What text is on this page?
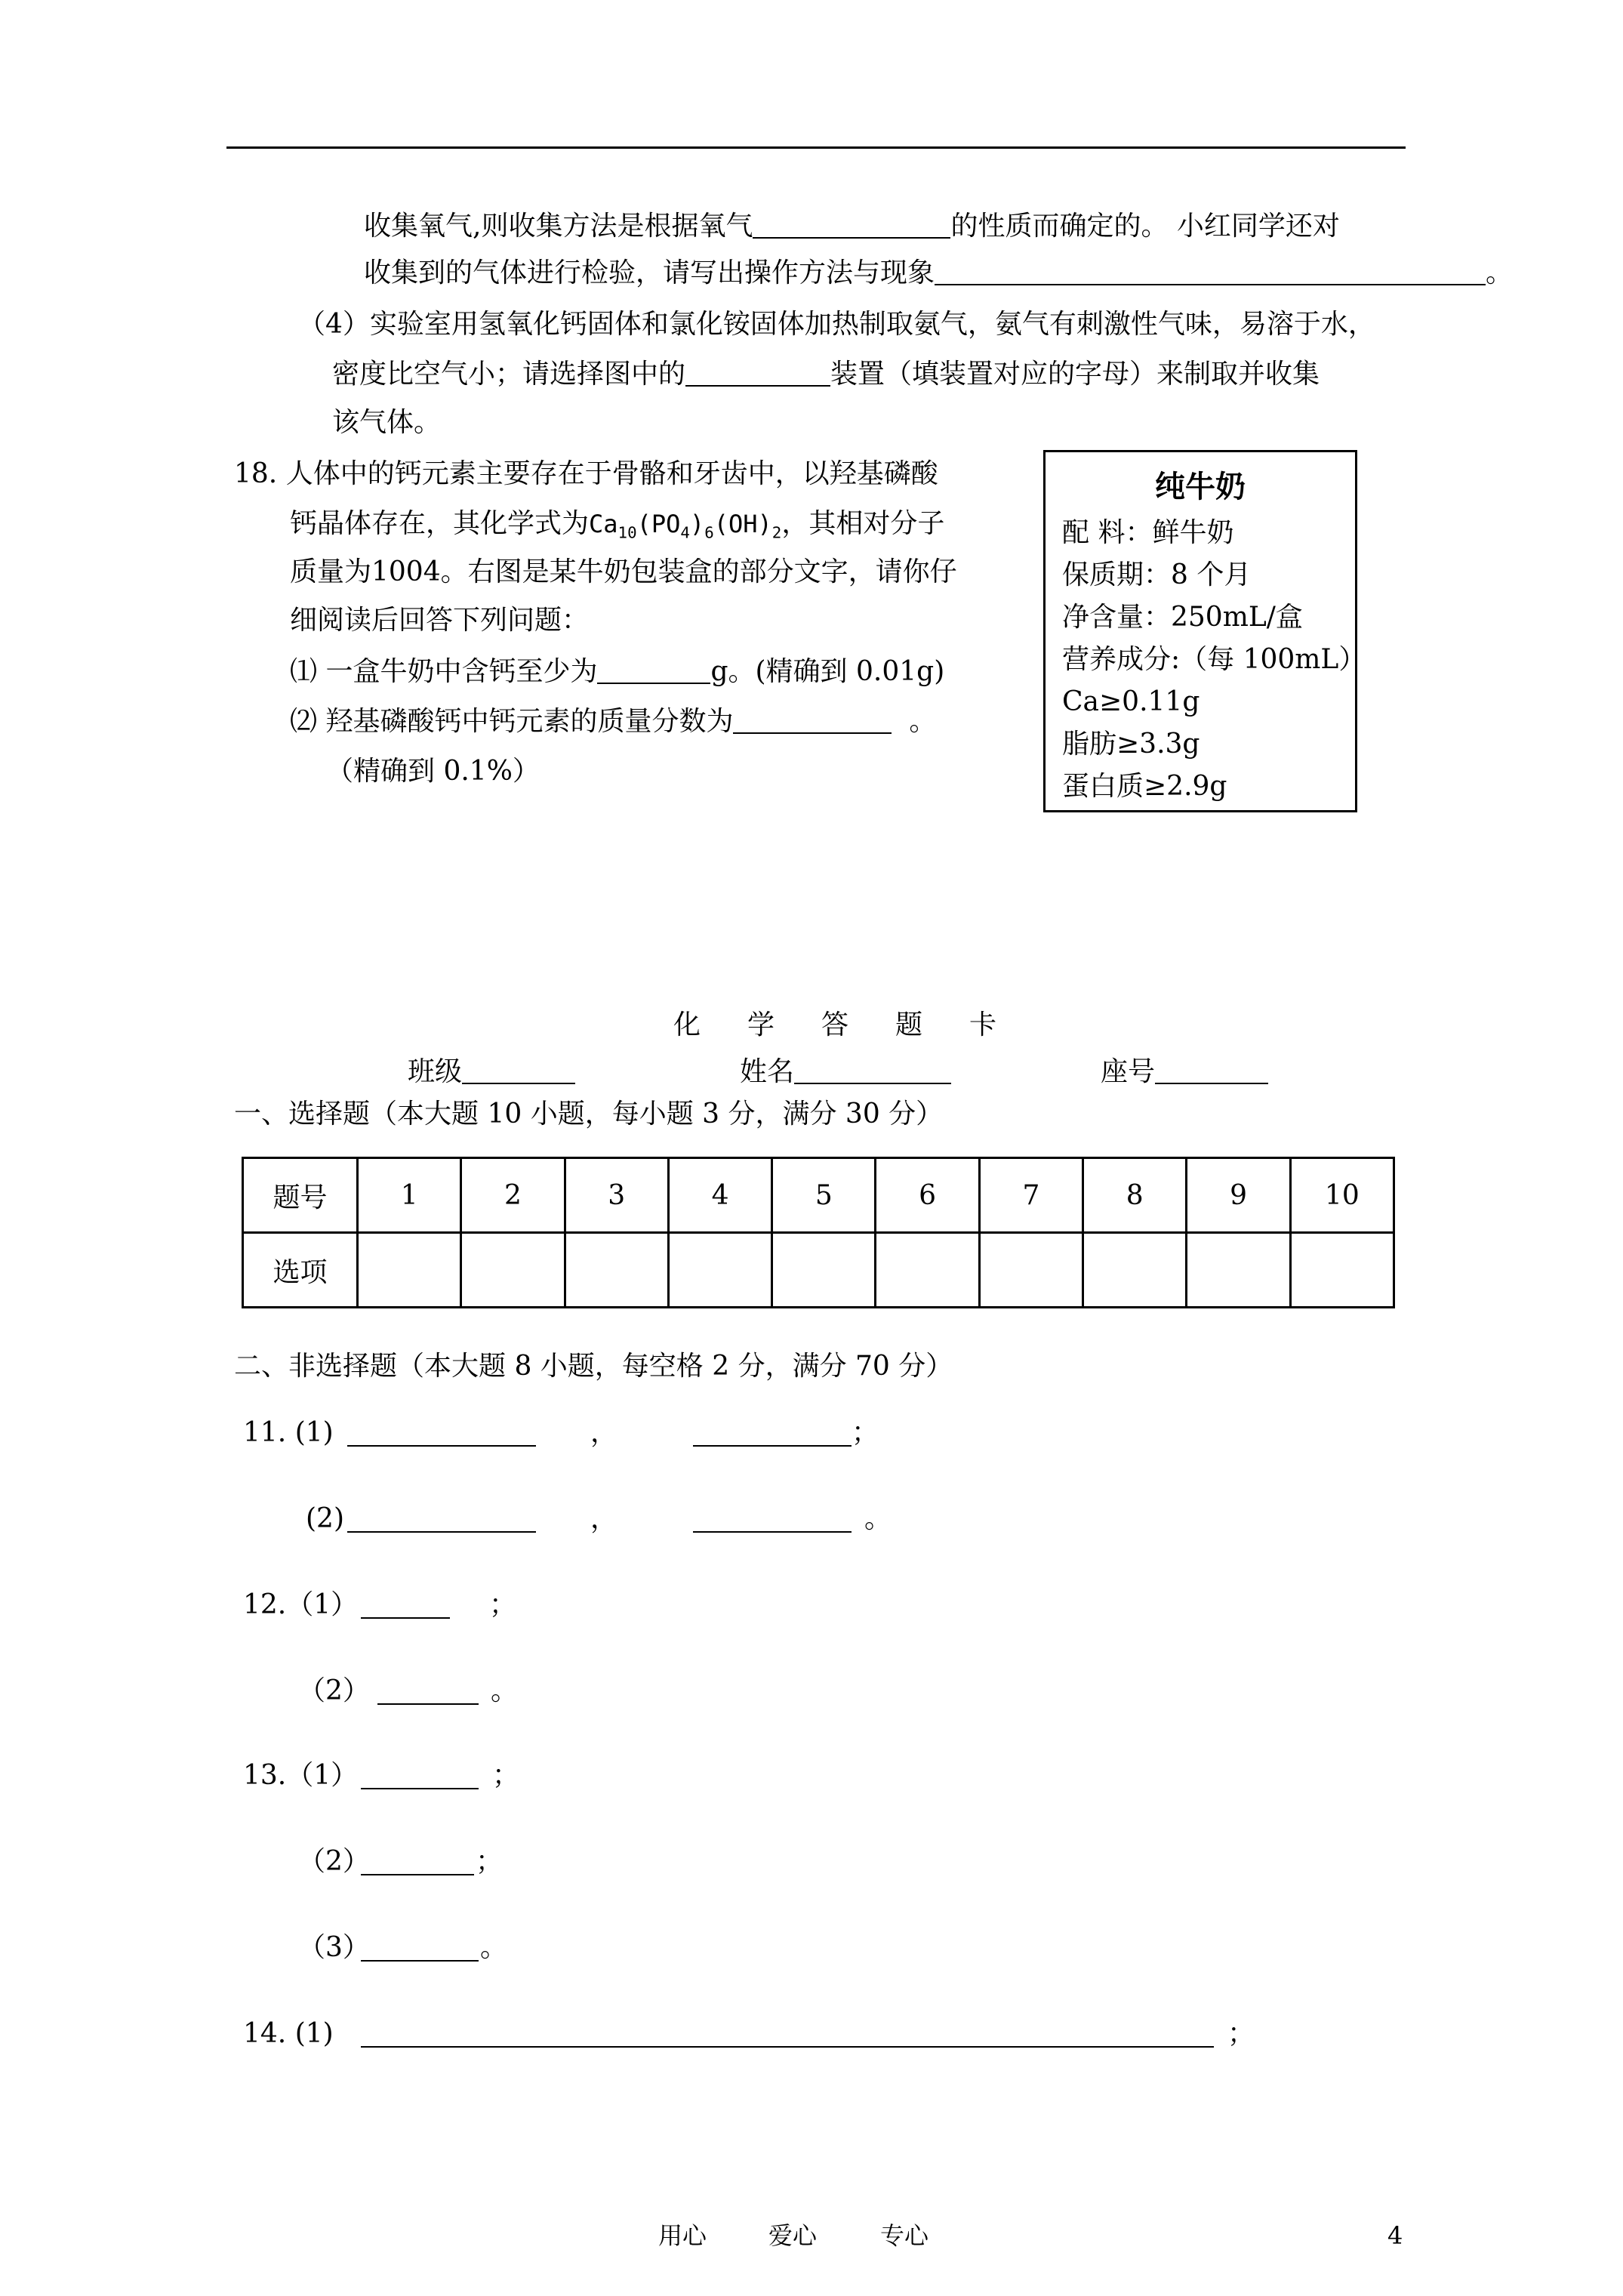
收集氧气,则收集方法是根据氧气	的性质而确定的。 小红同学还对
收集到的气体进行检验，请写出操作方法与现象	。
（4）实验室用氢氧化钙固体和氯化铵固体加热制取氨气，氨气有刺激性气味，易溶于水，
密度比空气小；请选择图中的	装置（填装置对应的字母）来制取并收集
该气体。
18. 人体中的钙元素主要存在于骨骼和牙齿中，以羟基磷酸
钙晶体存在，其化学式为$Ca_{10}(PO_4)_6(OH)_2$，其相对分子
质量为1004。右图是某牛奶包装盒的部分文字，请你仔
细阅读后回答下列问题：
⑴ 一盒牛奶中含钙至少为	g。(精确到 0.01g)
⑵ 羟基磷酸钙中钙元素的质量分数为	。
（精确到 0.1%）
纯牛奶
配 料：鲜牛奶
保质期：8 个月
净含量：250mL/盒
营养成分:（每 100mL）
Ca≥0.11g
脂肪≥3.3g
蛋白质≥2.9g
化学答题卡
班级	姓名	座号
一、选择题（本大题 10 小题，每小题 3 分，满分 30 分）
题号	1	2	3	4	5	6	7	8	9	10
选项										
二、非选择题（本大题 8 小题，每空格 2 分，满分 70 分）
11. (1)	，	；
(2)	，	。
12.（1）	；
（2）	。
13.（1）	；
（2）	；
（3）	。
14. (1)	；
用心	爱心	专心	4
